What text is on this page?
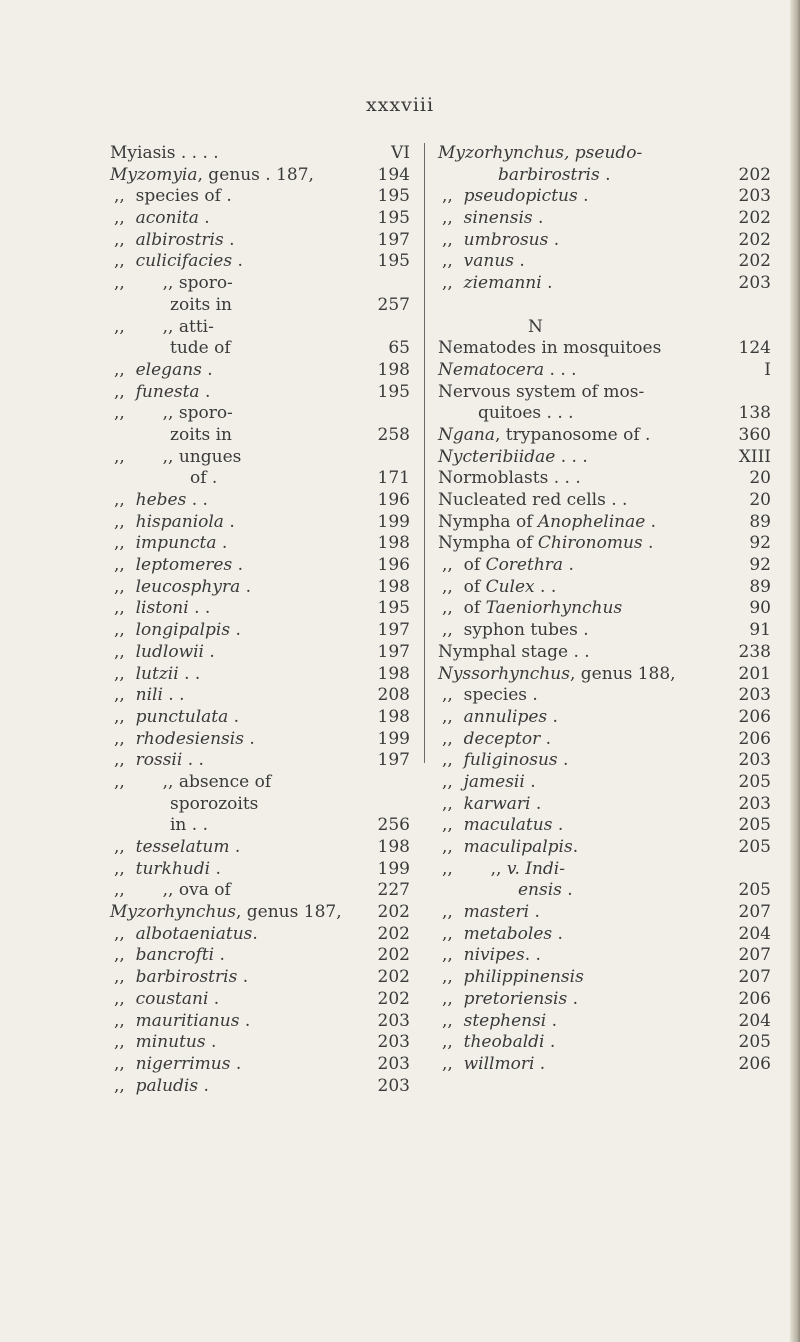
xxxviii
Myiasis . . . .	VI
Myzomyia, genus . 187,	194
,,  species of .	195
,, aconita .	195
,, albirostris .	197
,, culicifacies .	195
,,       ,, sporo-
zoits in	257
,,       ,, atti-
tude of	65
,, elegans .	198
,, funesta .	195
,,       ,, sporo-
zoits in	258
,,       ,, ungues
of .	171
,, hebes . .	196
,, hispaniola .	199
,, impuncta .	198
,, leptomeres .	196
,, leucosphyra .	198
,, listoni . .	195
,, longipalpis .	197
,, ludlowii .	197
,, lutzii . .	198
,, nili . .	208
,, punctulata .	198
,, rhodesiensis .	199
,, rossii . .	197
,,       ,, absence of
sporozoits
in . .	256
,, tesselatum .	198
,, turkhudi .	199
,,       ,, ova of	227
Myzorhynchus, genus 187, 202
,, albotaeniatus.	202
,, bancrofti .	202
,, barbirostris .	202
,, coustani .	202
,, mauritianus .	203
,, minutus .	203
,, nigerrimus .	203
,, paludis .	203
Myzorhynchus, pseudo-
barbirostris .	202
,, pseudopictus .	203
,, sinensis .	202
,, umbrosus .	202
,, vanus .	202
,, ziemanni .	203
N
Nematodes in mosquitoes	124
Nematocera . . .	I
Nervous system of mos-
quitoes . . .	138
Ngana, trypanosome of .	360
Nycteribiidae . . .	XIII
Normoblasts . . .	20
Nucleated red cells . .	20
Nympha of Anophelinae .	89
Nympha of Chironomus .	92
,,  of Corethra .	92
,,  of Culex . .	89
,,  of Taeniorhynchus	90
,,  syphon tubes .	91
Nymphal stage . .	238
Nyssorhynchus, genus 188,	201
,,  species .	203
,, annulipes .	206
,, deceptor .	206
,, fuliginosus .	203
,, jamesii .	205
,, karwari .	203
,, maculatus .	205
,, maculipalpis.	205
,,       ,, v. Indi-
ensis .	205
,, masteri .	207
,, metaboles .	204
,, nivipes. .	207
,, philippinensis	207
,, pretoriensis .	206
,, stephensi .	204
,, theobaldi .	205
,, willmori .	206
